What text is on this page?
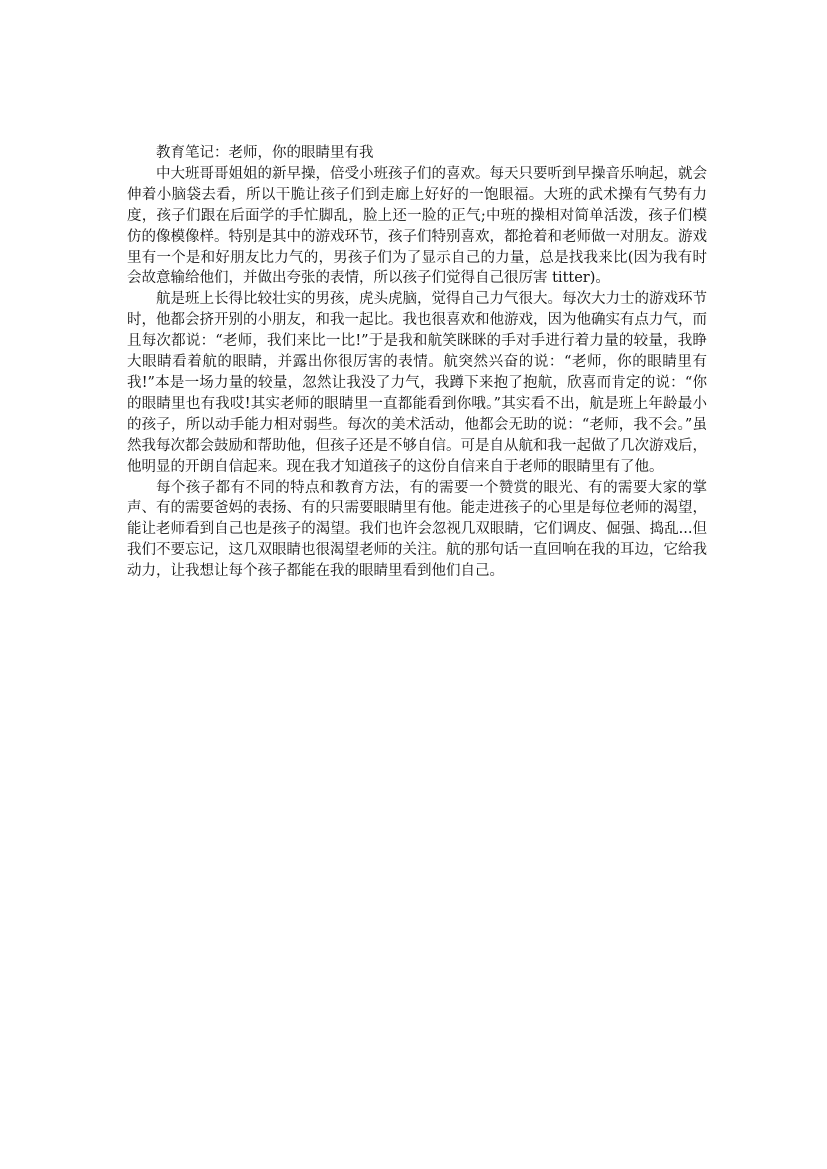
教育笔记：老师，你的眼睛里有我

中大班哥哥姐姐的新早操，倍受小班孩子们的喜欢。每天只要听到早操音乐响起，就会伸着小脑袋去看，所以干脆让孩子们到走廊上好好的一饱眼福。大班的武术操有气势有力度，孩子们跟在后面学的手忙脚乱，脸上还一脸的正气;中班的操相对简单活泼，孩子们模仿的像模像样。特别是其中的游戏环节，孩子们特别喜欢，都抢着和老师做一对朋友。游戏里有一个是和好朋友比力气的，男孩子们为了显示自己的力量，总是找我来比(因为我有时会故意输给他们，并做出夸张的表情，所以孩子们觉得自己很厉害 titter)。

航是班上长得比较壮实的男孩，虎头虎脑，觉得自己力气很大。每次大力士的游戏环节时，他都会挤开别的小朋友，和我一起比。我也很喜欢和他游戏，因为他确实有点力气，而且每次都说：“老师，我们来比一比!”于是我和航笑眯眯的手对手进行着力量的较量，我睁大眼睛看着航的眼睛，并露出你很厉害的表情。航突然兴奋的说：“老师，你的眼睛里有我!”本是一场力量的较量，忽然让我没了力气，我蹲下来抱了抱航，欣喜而肯定的说：“你的眼睛里也有我哎!其实老师的眼睛里一直都能看到你哦。”其实看不出，航是班上年龄最小的孩子，所以动手能力相对弱些。每次的美术活动，他都会无助的说：“老师，我不会。”虽然我每次都会鼓励和帮助他，但孩子还是不够自信。可是自从航和我一起做了几次游戏后，他明显的开朗自信起来。现在我才知道孩子的这份自信来自于老师的眼睛里有了他。

每个孩子都有不同的特点和教育方法，有的需要一个赞赏的眼光、有的需要大家的掌声、有的需要爸妈的表扬、有的只需要眼睛里有他。能走进孩子的心里是每位老师的渴望，能让老师看到自己也是孩子的渴望。我们也许会忽视几双眼睛，它们调皮、倔强、捣乱...但我们不要忘记，这几双眼睛也很渴望老师的关注。航的那句话一直回响在我的耳边，它给我动力，让我想让每个孩子都能在我的眼睛里看到他们自己。
